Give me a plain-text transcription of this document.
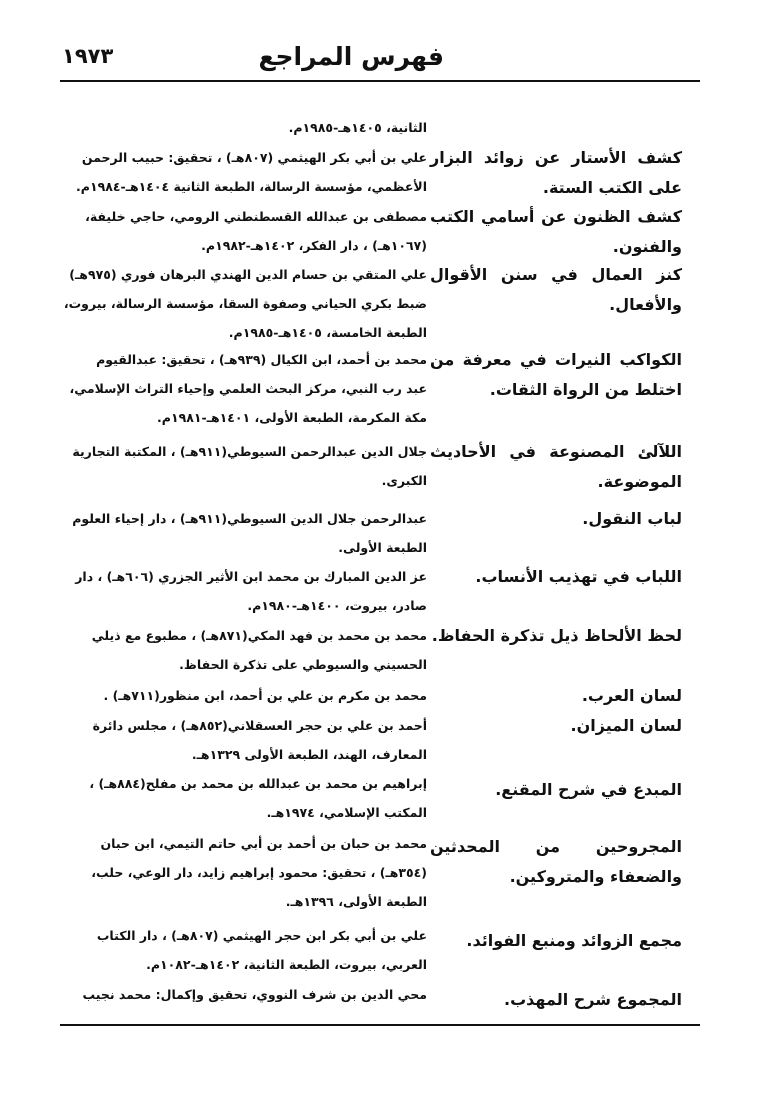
فهرس المراجع
١٩٧٣
الثانية، ١٤٠٥هـ-١٩٨٥م.
كشف الأستار عن زوائد البزار على الكتب الستة.
علي بن أبي بكر الهيثمي (٨٠٧هـ) ، تحقيق: حبيب الرحمن
الأعظمي، مؤسسة الرسالة، الطبعة الثانية ١٤٠٤هـ-١٩٨٤م.
كشف الظنون عن أسامي الكتب والفنون.
مصطفى بن عبدالله القسطنطني الرومي، حاجي خليفة،
(١٠٦٧هـ) ، دار الفكر، ١٤٠٢هـ-١٩٨٢م.
كنز العمال في سنن الأقوال والأفعال.
علي المتقي بن حسام الدين الهندي البرهان فوري (٩٧٥هـ)
ضبط بكري الحياني وصفوة السقا، مؤسسة الرسالة، بيروت،
الطبعة الخامسة، ١٤٠٥هـ-١٩٨٥م.
الكواكب النيرات في معرفة من اختلط من الرواة الثقات.
محمد بن أحمد، ابن الكيال (٩٣٩هـ) ، تحقيق: عبدالقيوم
عبد رب النبي، مركز البحث العلمي وإحياء التراث الإسلامي،
مكة المكرمة، الطبعة الأولى، ١٤٠١هـ-١٩٨١م.
اللآلئ المصنوعة في الأحاديث الموضوعة.
جلال الدين عبدالرحمن السيوطي(٩١١هـ) ، المكتبة التجارية
الكبرى.
لباب النقول.
عبدالرحمن جلال الدين السيوطي(٩١١هـ) ، دار إحياء العلوم
الطبعة الأولى.
اللباب في تهذيب الأنساب.
عز الدين المبارك بن محمد ابن الأثير الجزري (٦٠٦هـ) ، دار
صادر، بيروت، ١٤٠٠هـ-١٩٨٠م.
لحظ الألحاظ ذيل تذكرة الحفاظ.
محمد بن محمد بن فهد المكي(٨٧١هـ) ، مطبوع مع ذيلي
الحسيني والسيوطي على تذكرة الحفاظ.
لسان العرب.
محمد بن مكرم بن علي بن أحمد، ابن منظور(٧١١هـ) .
لسان الميزان.
أحمد بن علي بن حجر العسقلاني(٨٥٢هـ) ، مجلس دائرة
المعارف، الهند، الطبعة الأولى ١٣٢٩هـ.
المبدع في شرح المقنع.
إبراهيم بن محمد بن عبدالله بن محمد بن مفلح(٨٨٤هـ) ،
المكتب الإسلامي، ١٩٧٤هـ.
المجروحين من المحدثين والضعفاء والمتروكين.
محمد بن حبان بن أحمد بن أبي حاتم التيمي، ابن حبان
(٣٥٤هـ) ، تحقيق: محمود إبراهيم زايد، دار الوعي، حلب،
الطبعة الأولى، ١٣٩٦هـ.
مجمع الزوائد ومنبع الفوائد.
علي بن أبي بكر ابن حجر الهيثمي (٨٠٧هـ) ، دار الكتاب
العربي، بيروت، الطبعة الثانية، ١٤٠٢هـ-١٠٨٢م.
المجموع شرح المهذب.
محي الدين بن شرف النووي، تحقيق وإكمال: محمد نجيب
